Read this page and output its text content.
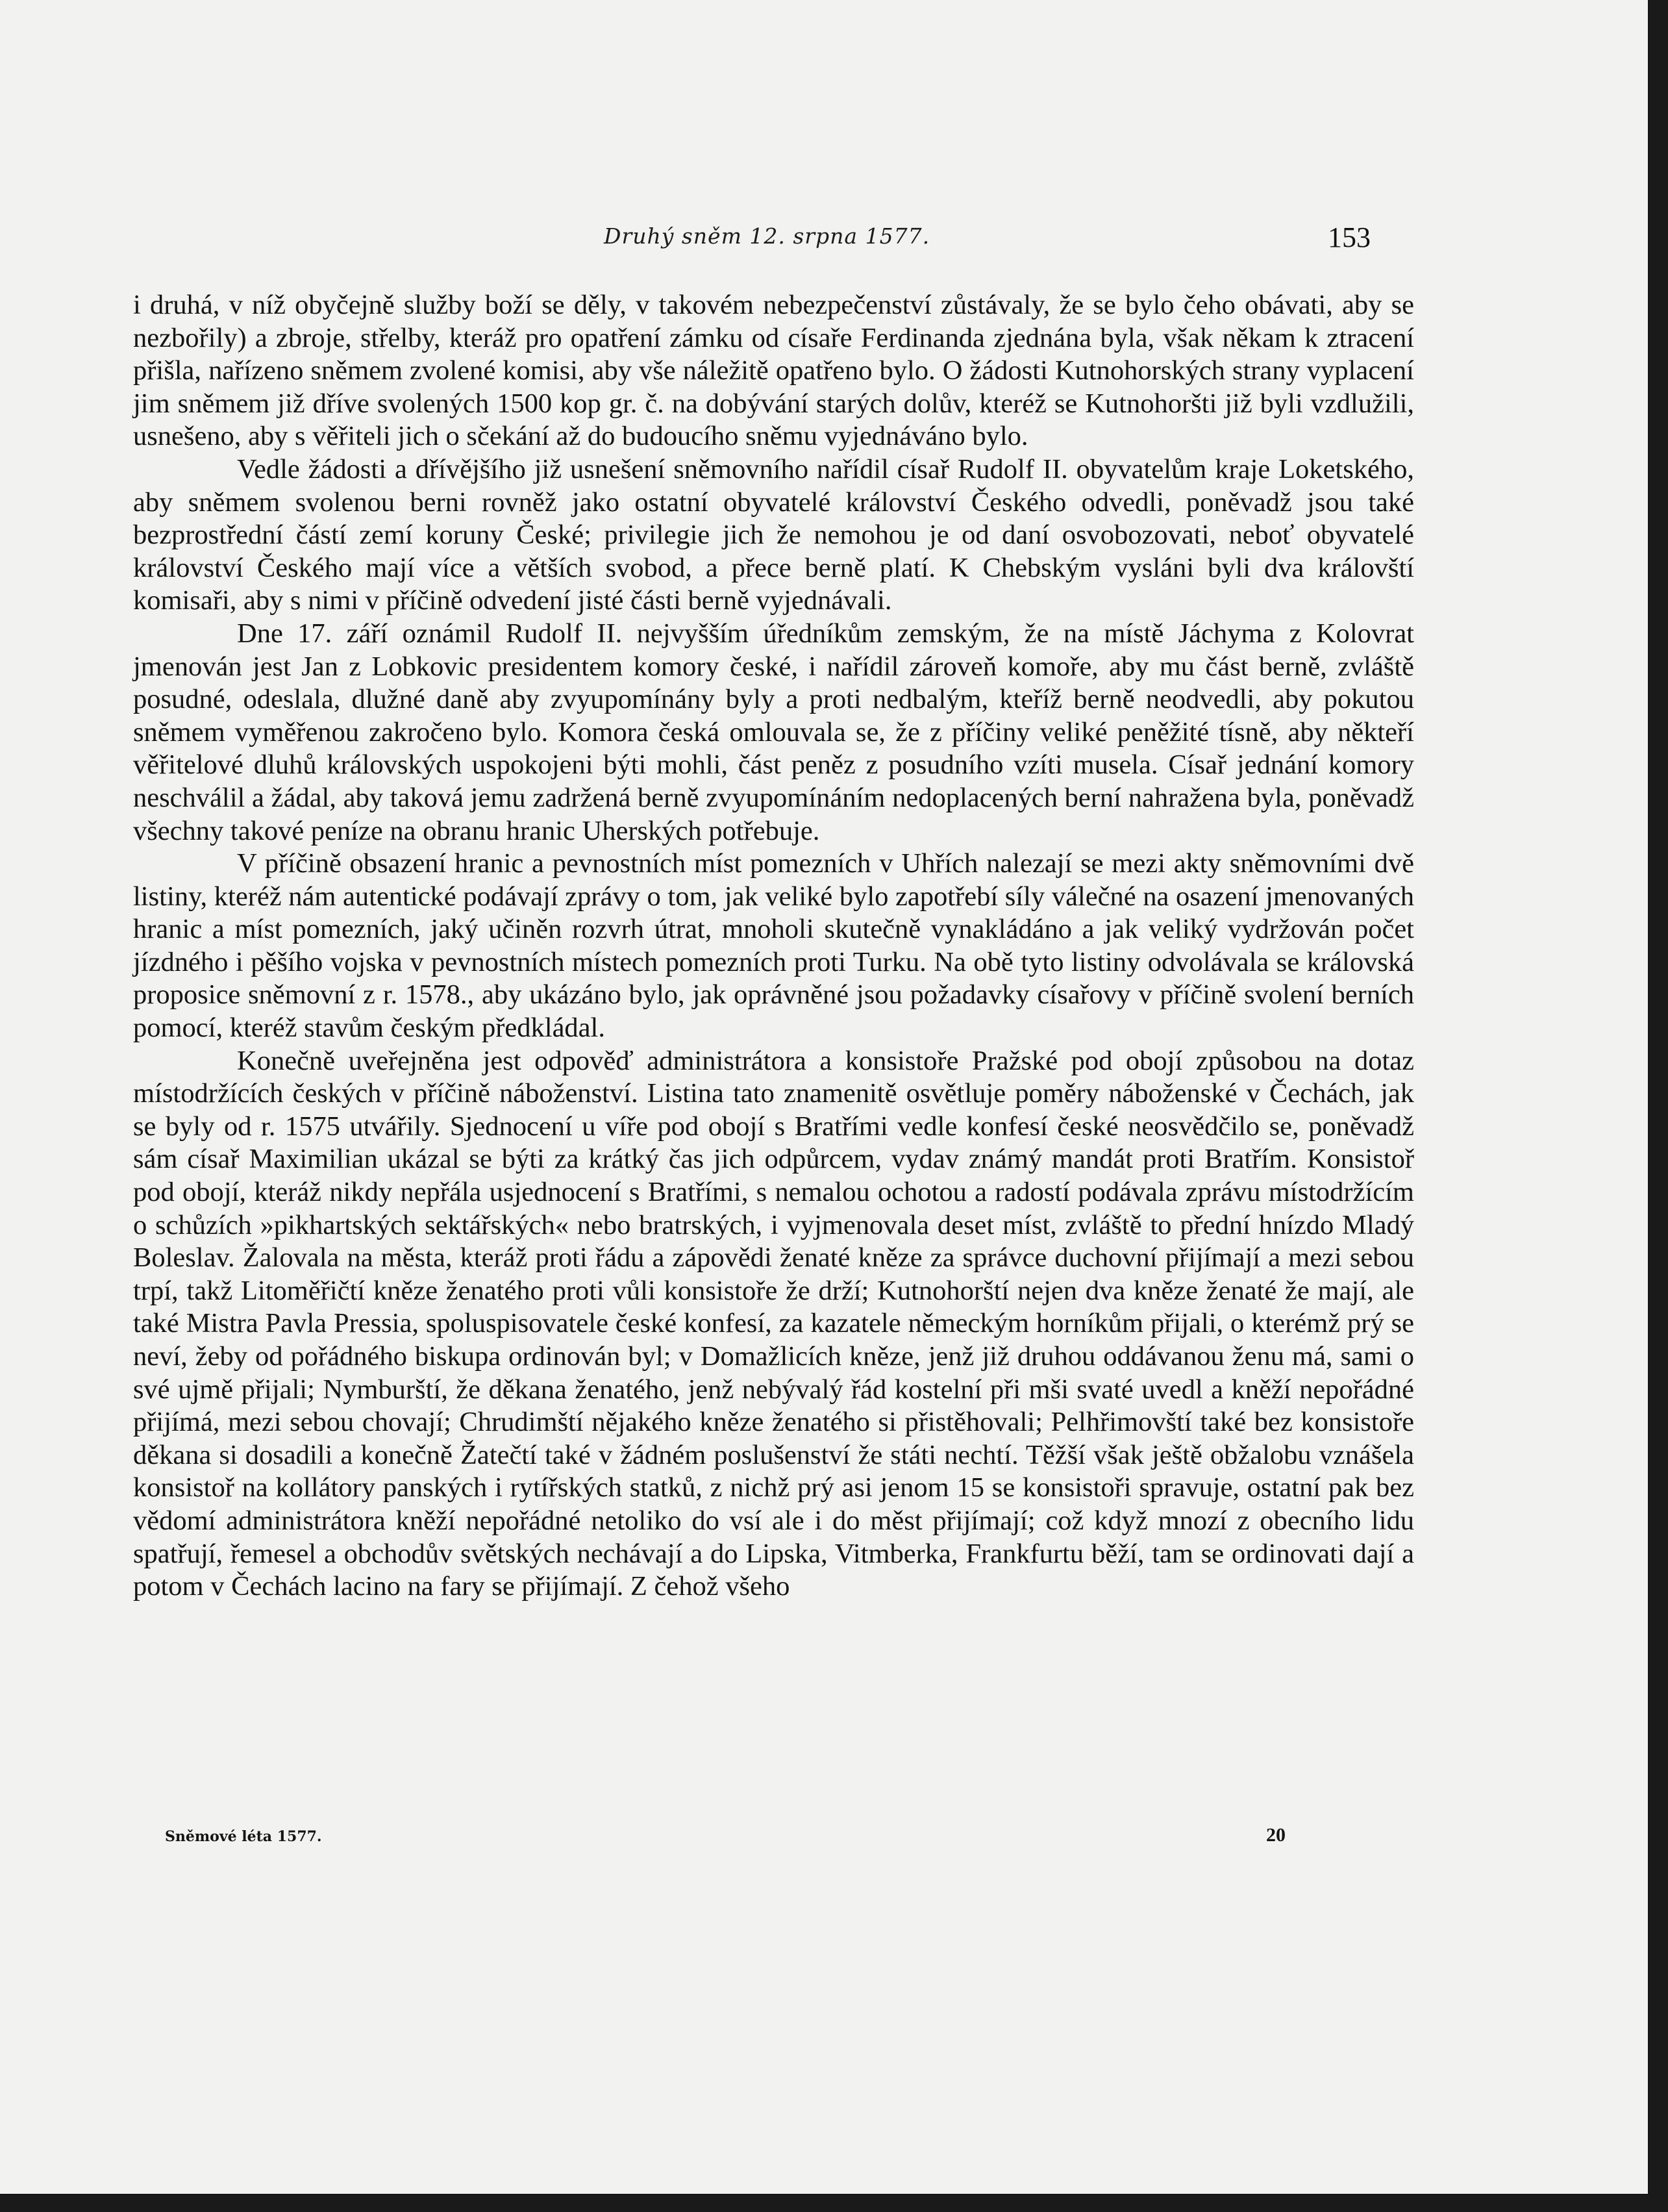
Druhý sněm 12. srpna 1577.	153

i druhá, v níž obyčejně služby boží se děly, v takovém nebezpečenství zůstávaly, že se bylo čeho obávati, aby se nezbořily) a zbroje, střelby, kteráž pro opatření zámku od císaře Ferdinanda zjednána byla, však někam k ztracení přišla, nařízeno sněmem zvolené komisi, aby vše náležitě opatřeno bylo. O žádosti Kutnohorských strany vyplacení jim sněmem již dříve svolených 1500 kop gr. č. na dobývání starých dolův, kteréž se Kutnohoršti již byli vzdlužili, usnešeno, aby s věřiteli jich o sčekání až do budoucího sněmu vyjednáváno bylo.

Vedle žádosti a dřívějšího již usnešení sněmovního nařídil císař Rudolf II. obyvatelům kraje Loketského, aby sněmem svolenou berni rovněž jako ostatní obyvatelé království Českého odvedli, poněvadž jsou také bezprostřední částí zemí koruny České; privilegie jich že nemohou je od daní osvobozovati, neboť obyvatelé království Českého mají více a větších svobod, a přece berně platí. K Chebským vysláni byli dva královští komisaři, aby s nimi v příčině odvedení jisté části berně vyjednávali.

Dne 17. září oznámil Rudolf II. nejvyšším úředníkům zemským, že na místě Jáchyma z Kolovrat jmenován jest Jan z Lobkovic presidentem komory české, i nařídil zároveň komoře, aby mu část berně, zvláště posudné, odeslala, dlužné daně aby zvyupomínány byly a proti nedbalým, kteříž berně neodvedli, aby pokutou sněmem vyměřenou zakročeno bylo. Komora česká omlouvala se, že z příčiny veliké peněžité tísně, aby někteří věřitelové dluhů královských uspokojeni býti mohli, část peněz z posudního vzíti musela. Císař jednání komory neschválil a žádal, aby taková jemu zadržená berně zvyupomínáním nedoplacených berní nahražena byla, poněvadž všechny takové peníze na obranu hranic Uherských potřebuje.

V příčině obsazení hranic a pevnostních míst pomezních v Uhřích nalezají se mezi akty sněmovními dvě listiny, kteréž nám autentické podávají zprávy o tom, jak veliké bylo zapotřebí síly válečné na osazení jmenovaných hranic a míst pomezních, jaký učiněn rozvrh útrat, mnoholi skutečně vynakládáno a jak veliký vydržován počet jízdného i pěšího vojska v pevnostních místech pomezních proti Turku. Na obě tyto listiny odvolávala se královská proposice sněmovní z r. 1578., aby ukázáno bylo, jak oprávněné jsou požadavky císařovy v příčině svolení berních pomocí, kteréž stavům českým předkládal.

Konečně uveřejněna jest odpověď administrátora a konsistoře Pražské pod obojí způsobou na dotaz místodržících českých v příčině náboženství. Listina tato znamenitě osvětluje poměry náboženské v Čechách, jak se byly od r. 1575 utvářily. Sjednocení u víře pod obojí s Bratřími vedle konfesí české neosvědčilo se, poněvadž sám císař Maximilian ukázal se býti za krátký čas jich odpůrcem, vydav známý mandát proti Bratřím. Konsistoř pod obojí, kteráž nikdy nepřála usjednocení s Bratřími, s nemalou ochotou a radostí podávala zprávu místodržícím o schůzích »pikhartských sektářských« nebo bratrských, i vyjmenovala deset míst, zvláště to přední hnízdo Mladý Boleslav. Žalovala na města, kteráž proti řádu a zápovědi ženaté kněze za správce duchovní přijímají a mezi sebou trpí, takž Litoměřičtí kněze ženatého proti vůli konsistoře že drží; Kutnohorští nejen dva kněze ženaté že mají, ale také Mistra Pavla Pressia, spoluspisovatele české konfesí, za kazatele německým horníkům přijali, o kterémž prý se neví, žeby od pořádného biskupa ordinován byl; v Domažlicích kněze, jenž již druhou oddávanou ženu má, sami o své ujmě přijali; Nymburští, že děkana ženatého, jenž nebývalý řád kostelní při mši svaté uvedl a kněží nepořádné přijímá, mezi sebou chovají; Chrudimští nějakého kněze ženatého si přistěhovali; Pelhřimovští také bez konsistoře děkana si dosadili a konečně Žatečtí také v žádném poslušenství že státi nechtí. Těžší však ještě obžalobu vznášela konsistoř na kollátory panských i rytířských statků, z nichž prý asi jenom 15 se konsistoři spravuje, ostatní pak bez vědomí administrátora kněží nepořádné netoliko do vsí ale i do měst přijímají; což když mnozí z obecního lidu spatřují, řemesel a obchodův světských nechávají a do Lipska, Vitmberka, Frankfurtu běží, tam se ordinovati dají a potom v Čechách lacino na fary se přijímají. Z čehož všeho

Sněmové léta 1577.	20
